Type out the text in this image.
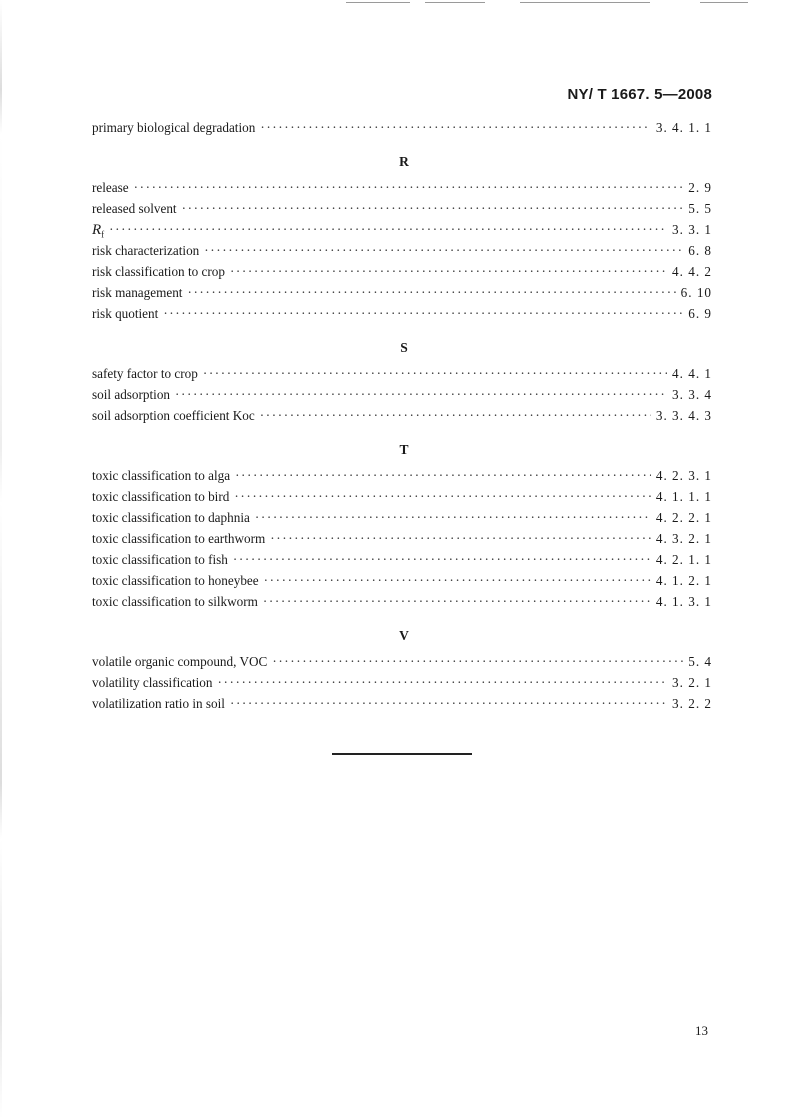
NY/ T 1667. 5—2008
primary biological degradation ·····	3. 4. 1. 1
R
release ·····	2. 9
released solvent ·····	5. 5
$R_f$ ·····	3. 3. 1
risk characterization ·····	6. 8
risk classification to crop ·····	4. 4. 2
risk management ·····	6. 10
risk quotient ·····	6. 9
S
safety factor to crop ·····	4. 4. 1
soil adsorption ·····	3. 3. 4
soil adsorption coefficient Koc ·····	3. 3. 4. 3
T
toxic classification to alga ·····	4. 2. 3. 1
toxic classification to bird ·····	4. 1. 1. 1
toxic classification to daphnia ·····	4. 2. 2. 1
toxic classification to earthworm ·····	4. 3. 2. 1
toxic classification to fish ·····	4. 2. 1. 1
toxic classification to honeybee ·····	4. 1. 2. 1
toxic classification to silkworm ·····	4. 1. 3. 1
V
volatile organic compound, VOC ·····	5. 4
volatility classification ·····	3. 2. 1
volatilization ratio in soil ·····	3. 2. 2
13
